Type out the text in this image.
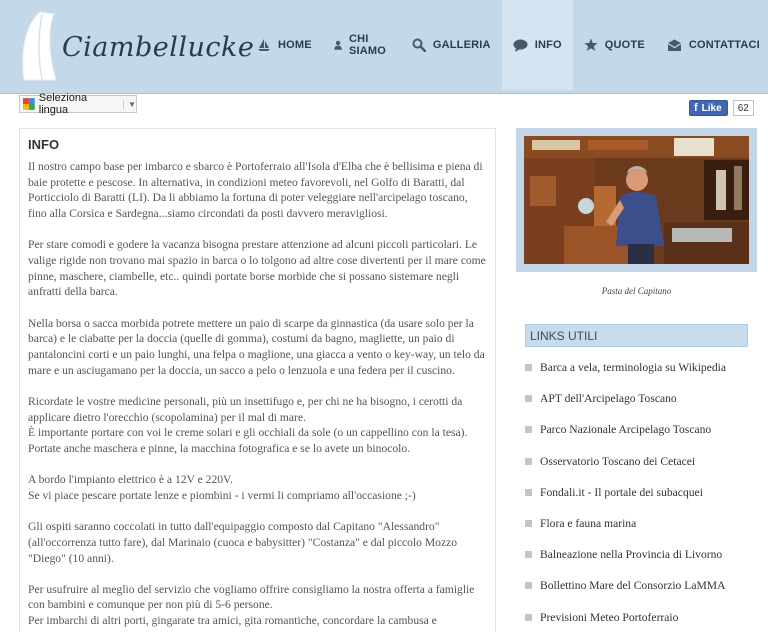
Ciambellucke HOME	CHI SIAMO	GALLERIA	INFO	QUOTE	CONTATTACI
Seleziona lingua	▼	f Like	62
INFO

Il nostro campo base per imbarco e sbarco è Portoferraio all'Isola d'Elba che è bellisima e piena di baie protette e pescose. In alternativa, in condizioni meteo favorevoli, nel Golfo di Baratti, dal Porticciolo di Baratti (LI). Da li abbiamo la fortuna di poter veleggiare nell'arcipelago toscano, fino alla Corsica e Sardegna...siamo circondati da posti davvero meravigliosi.

Per stare comodi e godere la vacanza bisogna prestare attenzione ad alcuni piccoli particolari. Le valige rigide non trovano mai spazio in barca o lo tolgono ad altre cose divertenti per il mare come pinne, maschere, ciambelle, etc.. quindi portate borse morbide che si possano sistemare negli anfratti della barca.

Nella borsa o sacca morbida potrete mettere un paio di scarpe da ginnastica (da usare solo per la barca) e le ciabatte per la doccia (quelle di gomma), costumi da bagno, magliette, un paio di pantaloncini corti e un paio lunghi, una felpa o maglione, una giacca a vento o key-way, un telo da mare e un asciugamano per la doccia, un sacco a pelo o lenzuola e una federa per il cuscino.

Ricordate le vostre medicine personali, più un insettifugo e, per chi ne ha bisogno, i cerotti da applicare dietro l'orecchio (scopolamina) per il mal di mare.
È importante portare con voi le creme solari e gli occhiali da sole (o un cappellino con la tesa). Portate anche maschera e pinne, la macchina fotografica e se lo avete un binocolo.

A bordo l'impianto elettrico è a 12V e 220V.
Se vi piace pescare portate lenze e piombini - i vermi li compriamo all'occasione ;-)

Gli ospiti saranno coccolati in tutto dall'equipaggio composto dal Capitano "Alessandro" (all'occorrenza tutto fare), dal Marinaio (cuoca e babysitter) "Costanza" e dal piccolo Mozzo "Diego" (10 anni).

Per usufruire al meglio del servizio che vogliamo offrire consigliamo la nostra offerta a famiglie con bambini e comunque per non più di 5-6 persone.
Per imbarchi di altri porti, gingarate tra amici, gita romantiche, concordare la cambusa e

Pasta del Capitano
LINKS UTILI
Barca a vela, terminologia su Wikipedia
APT dell'Arcipelago Toscano
Parco Nazionale Arcipelago Toscano
Osservatorio Toscano dei Cetacei
Fondali.it - Il portale dei subacquei
Flora e fauna marina
Balneazione nella Provincia di Livorno
Bollettino Mare del Consorzio LaMMA
Previsioni Meteo Portoferraio
